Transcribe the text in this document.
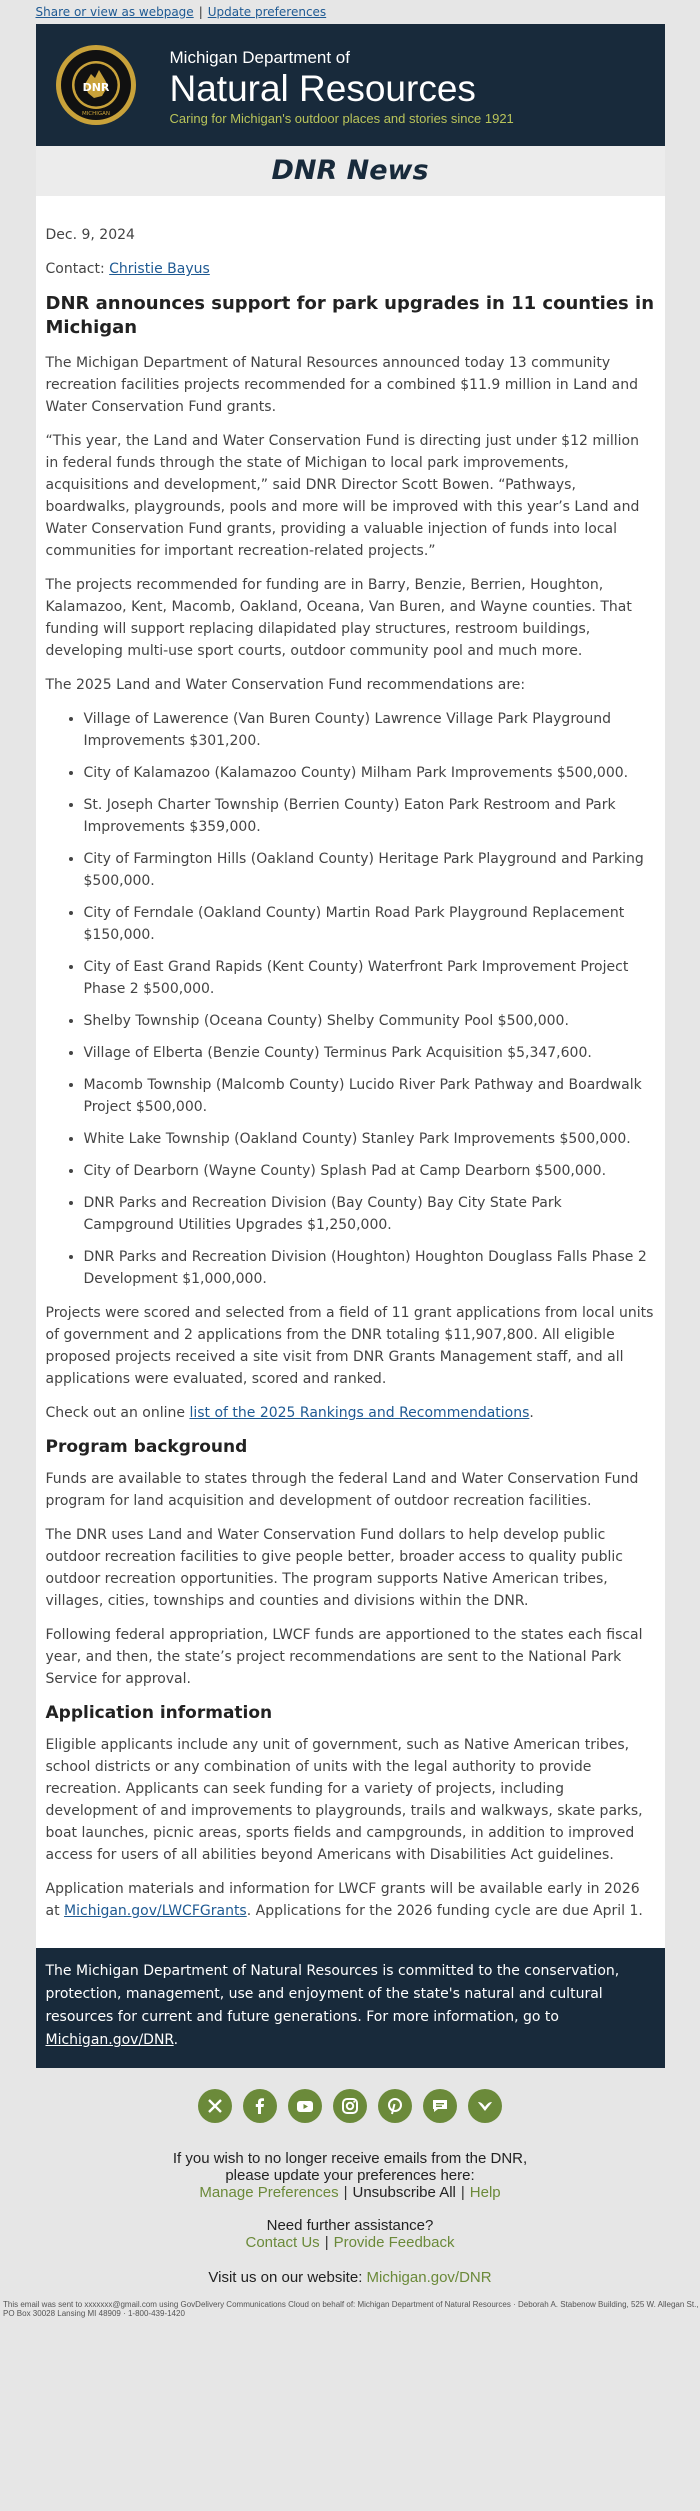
Share or view as webpage | Update preferences
DNR
MICHIGAN
Michigan Department of
Natural Resources
Caring for Michigan's outdoor places and stories since 1921
DNR News

Dec. 9, 2024

Contact: Christie Bayus

DNR announces support for park upgrades in 11 counties in Michigan

The Michigan Department of Natural Resources announced today 13 community recreation facilities projects recommended for a combined $11.9 million in Land and Water Conservation Fund grants.

“This year, the Land and Water Conservation Fund is directing just under $12 million in federal funds through the state of Michigan to local park improvements, acquisitions and development,” said DNR Director Scott Bowen. “Pathways, boardwalks, playgrounds, pools and more will be improved with this year’s Land and Water Conservation Fund grants, providing a valuable injection of funds into local communities for important recreation-related projects.”

The projects recommended for funding are in Barry, Benzie, Berrien, Houghton, Kalamazoo, Kent, Macomb, Oakland, Oceana, Van Buren, and Wayne counties. That funding will support replacing dilapidated play structures, restroom buildings, developing multi-use sport courts, outdoor community pool and much more.

The 2025 Land and Water Conservation Fund recommendations are:

• Village of Lawerence (Van Buren County) Lawrence Village Park Playground Improvements $301,200.
• City of Kalamazoo (Kalamazoo County) Milham Park Improvements $500,000.
• St. Joseph Charter Township (Berrien County) Eaton Park Restroom and Park Improvements $359,000.
• City of Farmington Hills (Oakland County) Heritage Park Playground and Parking $500,000.
• City of Ferndale (Oakland County) Martin Road Park Playground Replacement $150,000.
• City of East Grand Rapids (Kent County) Waterfront Park Improvement Project Phase 2 $500,000.
• Shelby Township (Oceana County) Shelby Community Pool $500,000.
• Village of Elberta (Benzie County) Terminus Park Acquisition $5,347,600.
• Macomb Township (Malcomb County) Lucido River Park Pathway and Boardwalk Project $500,000.
• White Lake Township (Oakland County) Stanley Park Improvements $500,000.
• City of Dearborn (Wayne County) Splash Pad at Camp Dearborn $500,000.
• DNR Parks and Recreation Division (Bay County) Bay City State Park Campground Utilities Upgrades $1,250,000.
• DNR Parks and Recreation Division (Houghton) Houghton Douglass Falls Phase 2 Development $1,000,000.

Projects were scored and selected from a field of 11 grant applications from local units of government and 2 applications from the DNR totaling $11,907,800. All eligible proposed projects received a site visit from DNR Grants Management staff, and all applications were evaluated, scored and ranked.

Check out an online list of the 2025 Rankings and Recommendations.

Program background

Funds are available to states through the federal Land and Water Conservation Fund program for land acquisition and development of outdoor recreation facilities.

The DNR uses Land and Water Conservation Fund dollars to help develop public outdoor recreation facilities to give people better, broader access to quality public outdoor recreation opportunities. The program supports Native American tribes, villages, cities, townships and counties and divisions within the DNR.

Following federal appropriation, LWCF funds are apportioned to the states each fiscal year, and then, the state’s project recommendations are sent to the National Park Service for approval.

Application information

Eligible applicants include any unit of government, such as Native American tribes, school districts or any combination of units with the legal authority to provide recreation. Applicants can seek funding for a variety of projects, including development of and improvements to playgrounds, trails and walkways, skate parks, boat launches, picnic areas, sports fields and campgrounds, in addition to improved access for users of all abilities beyond Americans with Disabilities Act guidelines.

Application materials and information for LWCF grants will be available early in 2026 at Michigan.gov/LWCFGrants. Applications for the 2026 funding cycle are due April 1.

The Michigan Department of Natural Resources is committed to the conservation, protection, management, use and enjoyment of the state's natural and cultural resources for current and future generations. For more information, go to Michigan.gov/DNR.
If you wish to no longer receive emails from the DNR,
please update your preferences here:
Manage Preferences | Unsubscribe All | Help
Need further assistance?
Contact Us | Provide Feedback
Visit us on our website: Michigan.gov/DNR
This email was sent to xxxxxxx@gmail.com using GovDelivery Communications Cloud on behalf of: Michigan Department of Natural Resources · Deborah A. Stabenow Building, 525 W. Allegan St., PO Box 30028 Lansing MI 48909 · 1-800-439-1420
